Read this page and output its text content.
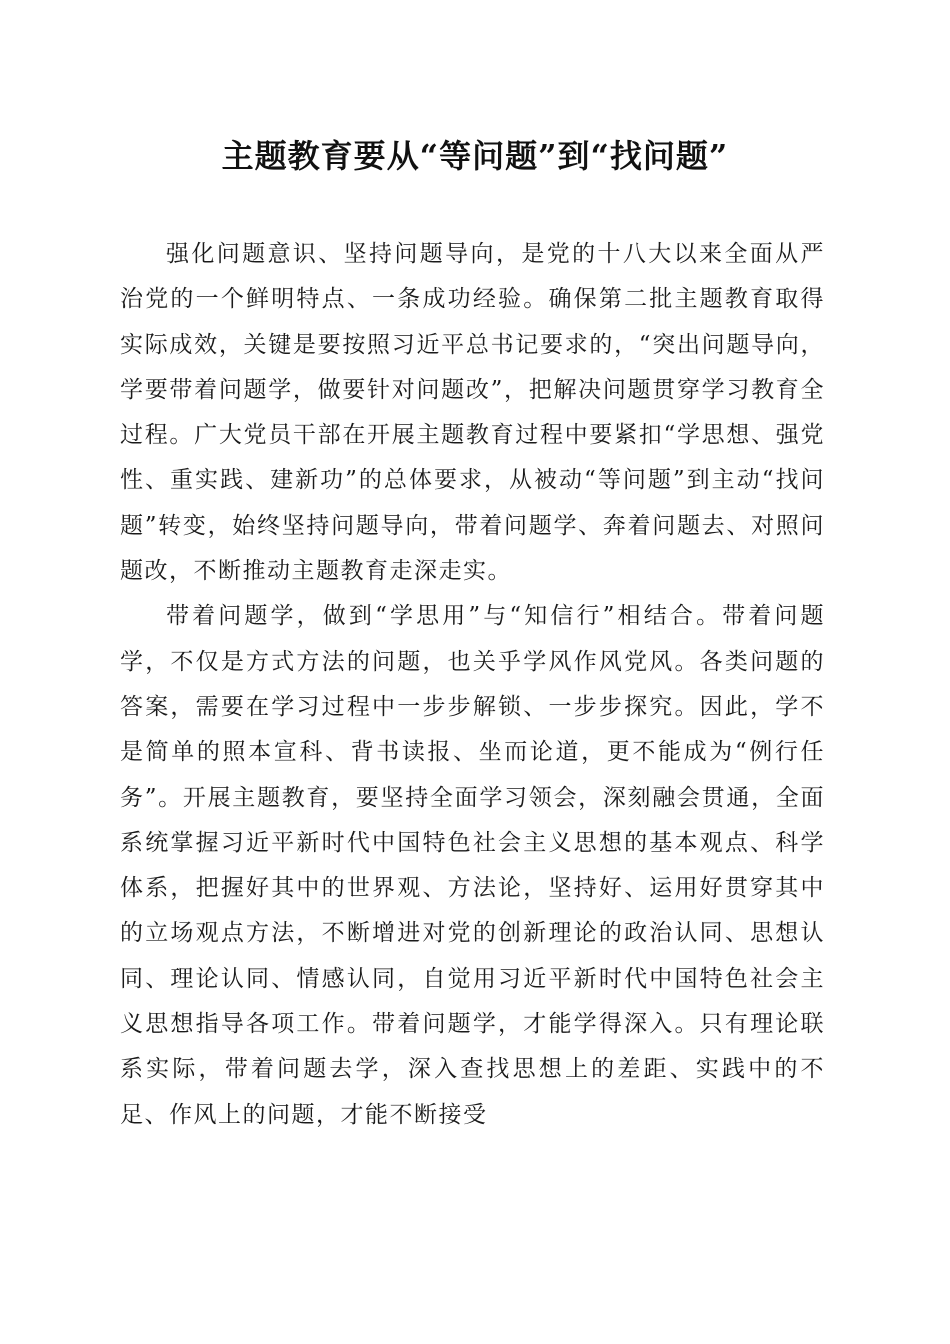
主题教育要从“等问题”到“找问题”

强化问题意识、坚持问题导向，是党的十八大以来全面从严治党的一个鲜明特点、一条成功经验。确保第二批主题教育取得实际成效，关键是要按照习近平总书记要求的，“突出问题导向，学要带着问题学，做要针对问题改”，把解决问题贯穿学习教育全过程。广大党员干部在开展主题教育过程中要紧扣“学思想、强党性、重实践、建新功”的总体要求，从被动“等问题”到主动“找问题”转变，始终坚持问题导向，带着问题学、奔着问题去、对照问题改，不断推动主题教育走深走实。

带着问题学，做到“学思用”与“知信行”相结合。带着问题学，不仅是方式方法的问题，也关乎学风作风党风。各类问题的答案，需要在学习过程中一步步解锁、一步步探究。因此，学不是简单的照本宣科、背书读报、坐而论道，更不能成为“例行任务”。开展主题教育，要坚持全面学习领会，深刻融会贯通，全面系统掌握习近平新时代中国特色社会主义思想的基本观点、科学体系，把握好其中的世界观、方法论，坚持好、运用好贯穿其中的立场观点方法，不断增进对党的创新理论的政治认同、思想认同、理论认同、情感认同，自觉用习近平新时代中国特色社会主义思想指导各项工作。带着问题学，才能学得深入。只有理论联系实际，带着问题去学，深入查找思想上的差距、实践中的不足、作风上的问题，才能不断接受
